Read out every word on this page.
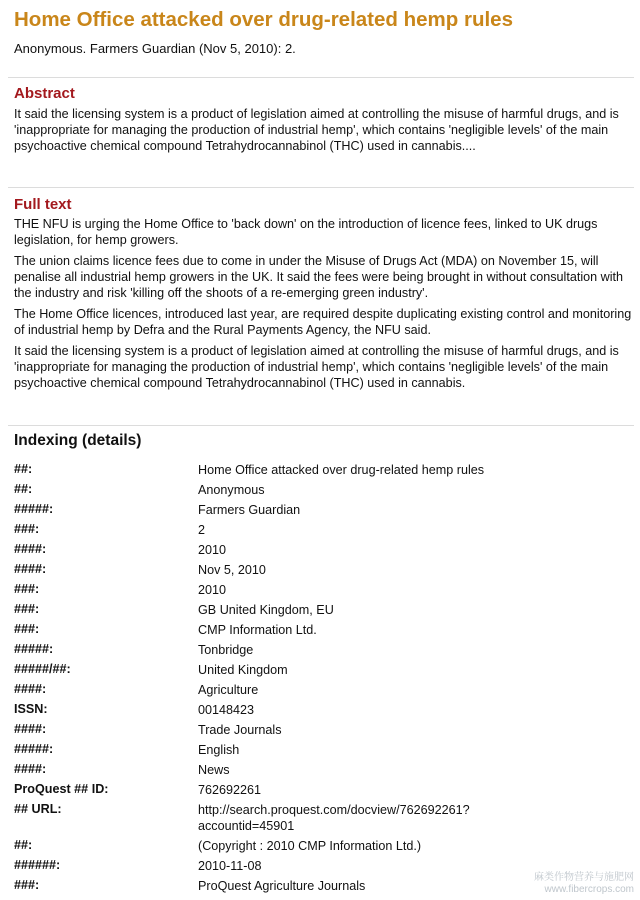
Home Office attacked over drug-related hemp rules

Anonymous. Farmers Guardian (Nov 5, 2010): 2.

Abstract

It said the licensing system is a product of legislation aimed at controlling the misuse of harmful drugs, and is 'inappropriate for managing the production of industrial hemp', which contains 'negligible levels' of the main psychoactive chemical compound Tetrahydrocannabinol (THC) used in cannabis....

Full text

THE NFU is urging the Home Office to 'back down' on the introduction of licence fees, linked to UK drugs legislation, for hemp growers.

The union claims licence fees due to come in under the Misuse of Drugs Act (MDA) on November 15, will penalise all industrial hemp growers in the UK. It said the fees were being brought in without consultation with the industry and risk 'killing off the shoots of a re-emerging green industry'.

The Home Office licences, introduced last year, are required despite duplicating existing control and monitoring of industrial hemp by Defra and the Rural Payments Agency, the NFU said.

It said the licensing system is a product of legislation aimed at controlling the misuse of harmful drugs, and is 'inappropriate for managing the production of industrial hemp', which contains 'negligible levels' of the main psychoactive chemical compound Tetrahydrocannabinol (THC) used in cannabis.

Indexing (details)
##:	Home Office attacked over drug-related hemp rules
##:	Anonymous
#####:	Farmers Guardian
###:	2
####:	2010
####:	Nov 5, 2010
###:	2010
###:	GB United Kingdom, EU
###:	CMP Information Ltd.
#####:	Tonbridge
#####/##:	United Kingdom
####:	Agriculture
ISSN:	00148423
####:	Trade Journals
#####:	English
####:	News
ProQuest ## ID:	762692261
## URL:	http://search.proquest.com/docview/762692261?accountid=45901
##:	(Copyright : 2010 CMP Information Ltd.)
######:	2010-11-08
###:	ProQuest Agriculture Journals
麻类作物营养与施肥网
www.fibercrops.com
